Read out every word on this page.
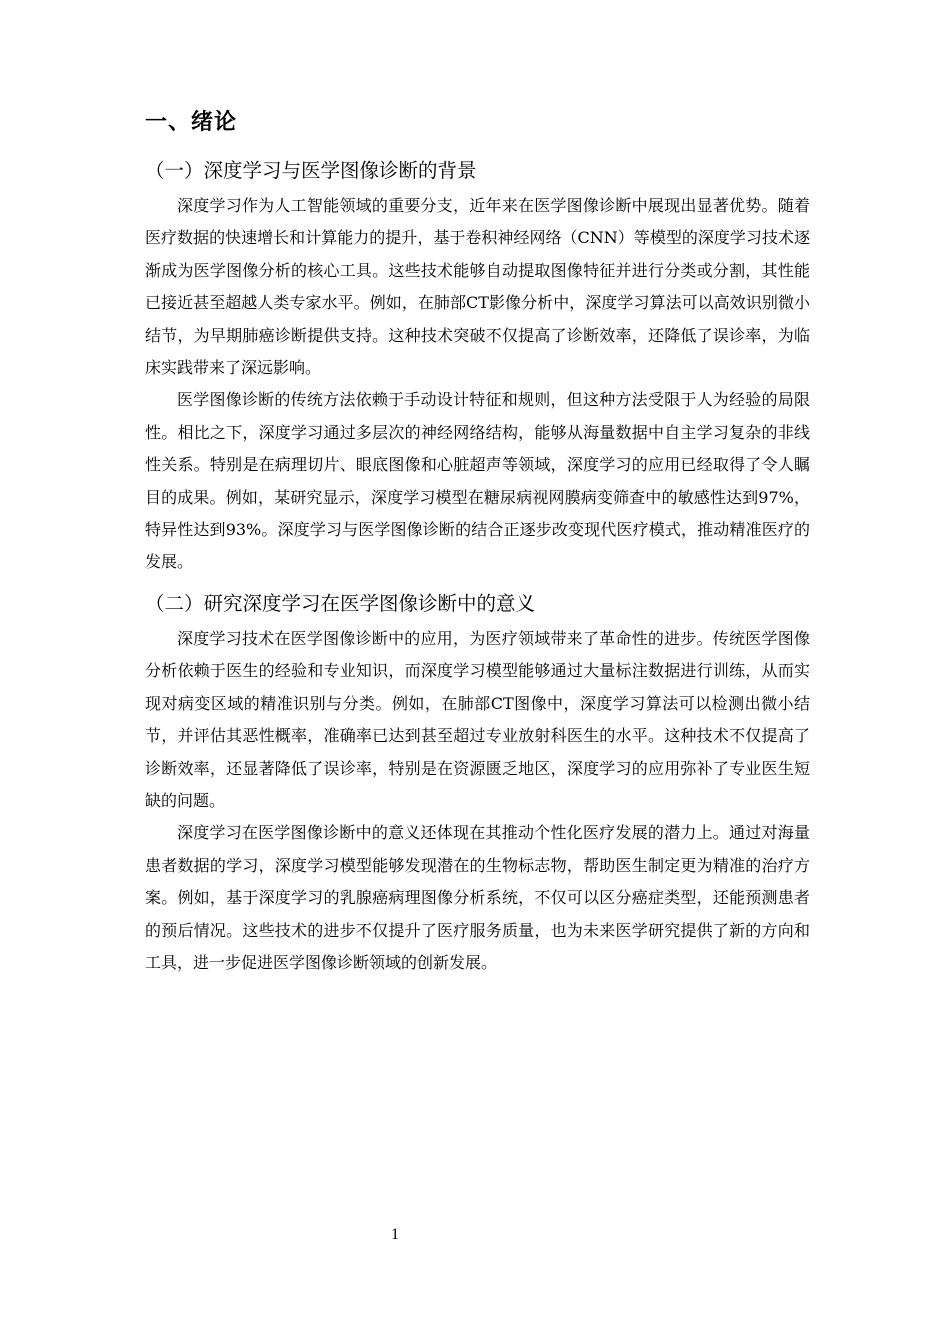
一、绪论
（一）深度学习与医学图像诊断的背景

深度学习作为人工智能领域的重要分支，近年来在医学图像诊断中展现出显著优势。随着医疗数据的快速增长和计算能力的提升，基于卷积神经网络（CNN）等模型的深度学习技术逐渐成为医学图像分析的核心工具。这些技术能够自动提取图像特征并进行分类或分割，其性能已接近甚至超越人类专家水平。例如，在肺部CT影像分析中，深度学习算法可以高效识别微小结节，为早期肺癌诊断提供支持。这种技术突破不仅提高了诊断效率，还降低了误诊率，为临床实践带来了深远影响。

医学图像诊断的传统方法依赖于手动设计特征和规则，但这种方法受限于人为经验的局限性。相比之下，深度学习通过多层次的神经网络结构，能够从海量数据中自主学习复杂的非线性关系。特别是在病理切片、眼底图像和心脏超声等领域，深度学习的应用已经取得了令人瞩目的成果。例如，某研究显示，深度学习模型在糖尿病视网膜病变筛查中的敏感性达到97%，特异性达到93%。深度学习与医学图像诊断的结合正逐步改变现代医疗模式，推动精准医疗的发展。

（二）研究深度学习在医学图像诊断中的意义

深度学习技术在医学图像诊断中的应用，为医疗领域带来了革命性的进步。传统医学图像分析依赖于医生的经验和专业知识，而深度学习模型能够通过大量标注数据进行训练，从而实现对病变区域的精准识别与分类。例如，在肺部CT图像中，深度学习算法可以检测出微小结节，并评估其恶性概率，准确率已达到甚至超过专业放射科医生的水平。这种技术不仅提高了诊断效率，还显著降低了误诊率，特别是在资源匮乏地区，深度学习的应用弥补了专业医生短缺的问题。

深度学习在医学图像诊断中的意义还体现在其推动个性化医疗发展的潜力上。通过对海量患者数据的学习，深度学习模型能够发现潜在的生物标志物，帮助医生制定更为精准的治疗方案。例如，基于深度学习的乳腺癌病理图像分析系统，不仅可以区分癌症类型，还能预测患者的预后情况。这些技术的进步不仅提升了医疗服务质量，也为未来医学研究提供了新的方向和工具，进一步促进医学图像诊断领域的创新发展。

1
